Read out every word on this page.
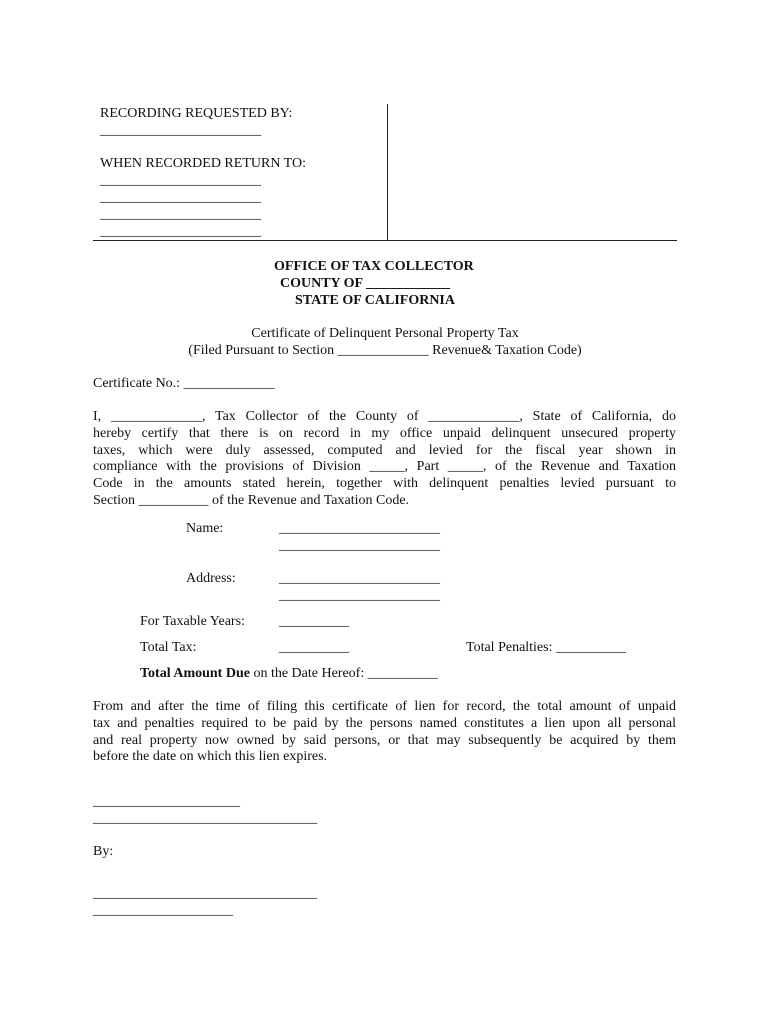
RECORDING REQUESTED BY:
_______________________
WHEN RECORDED RETURN TO:
_______________________
_______________________
_______________________
_______________________
OFFICE OF TAX COLLECTOR
COUNTY OF ____________
STATE OF CALIFORNIA
Certificate of Delinquent Personal Property Tax
(Filed Pursuant to Section _____________ Revenue& Taxation Code)
Certificate No.: _____________
I, _____________, Tax Collector of the County of _____________, State of California, do
hereby certify that there is on record in my office unpaid delinquent unsecured property
taxes, which were duly assessed, computed and levied for the fiscal year shown in
compliance with the provisions of Division _____, Part _____, of the Revenue and Taxation
Code in the amounts stated herein, together with delinquent penalties levied pursuant to
Section __________ of the Revenue and Taxation Code.
Name:	_______________________
_______________________
Address:	_______________________
_______________________
For Taxable Years: __________
Total Tax:	__________	Total Penalties: __________
Total Amount Due on the Date Hereof: __________
From and after the time of filing this certificate of lien for record, the total amount of unpaid
tax and penalties required to be paid by the persons named constitutes a lien upon all personal
and real property now owned by said persons, or that may subsequently be acquired by them
before the date on which this lien expires.
_____________________
________________________________
By:
________________________________
____________________
